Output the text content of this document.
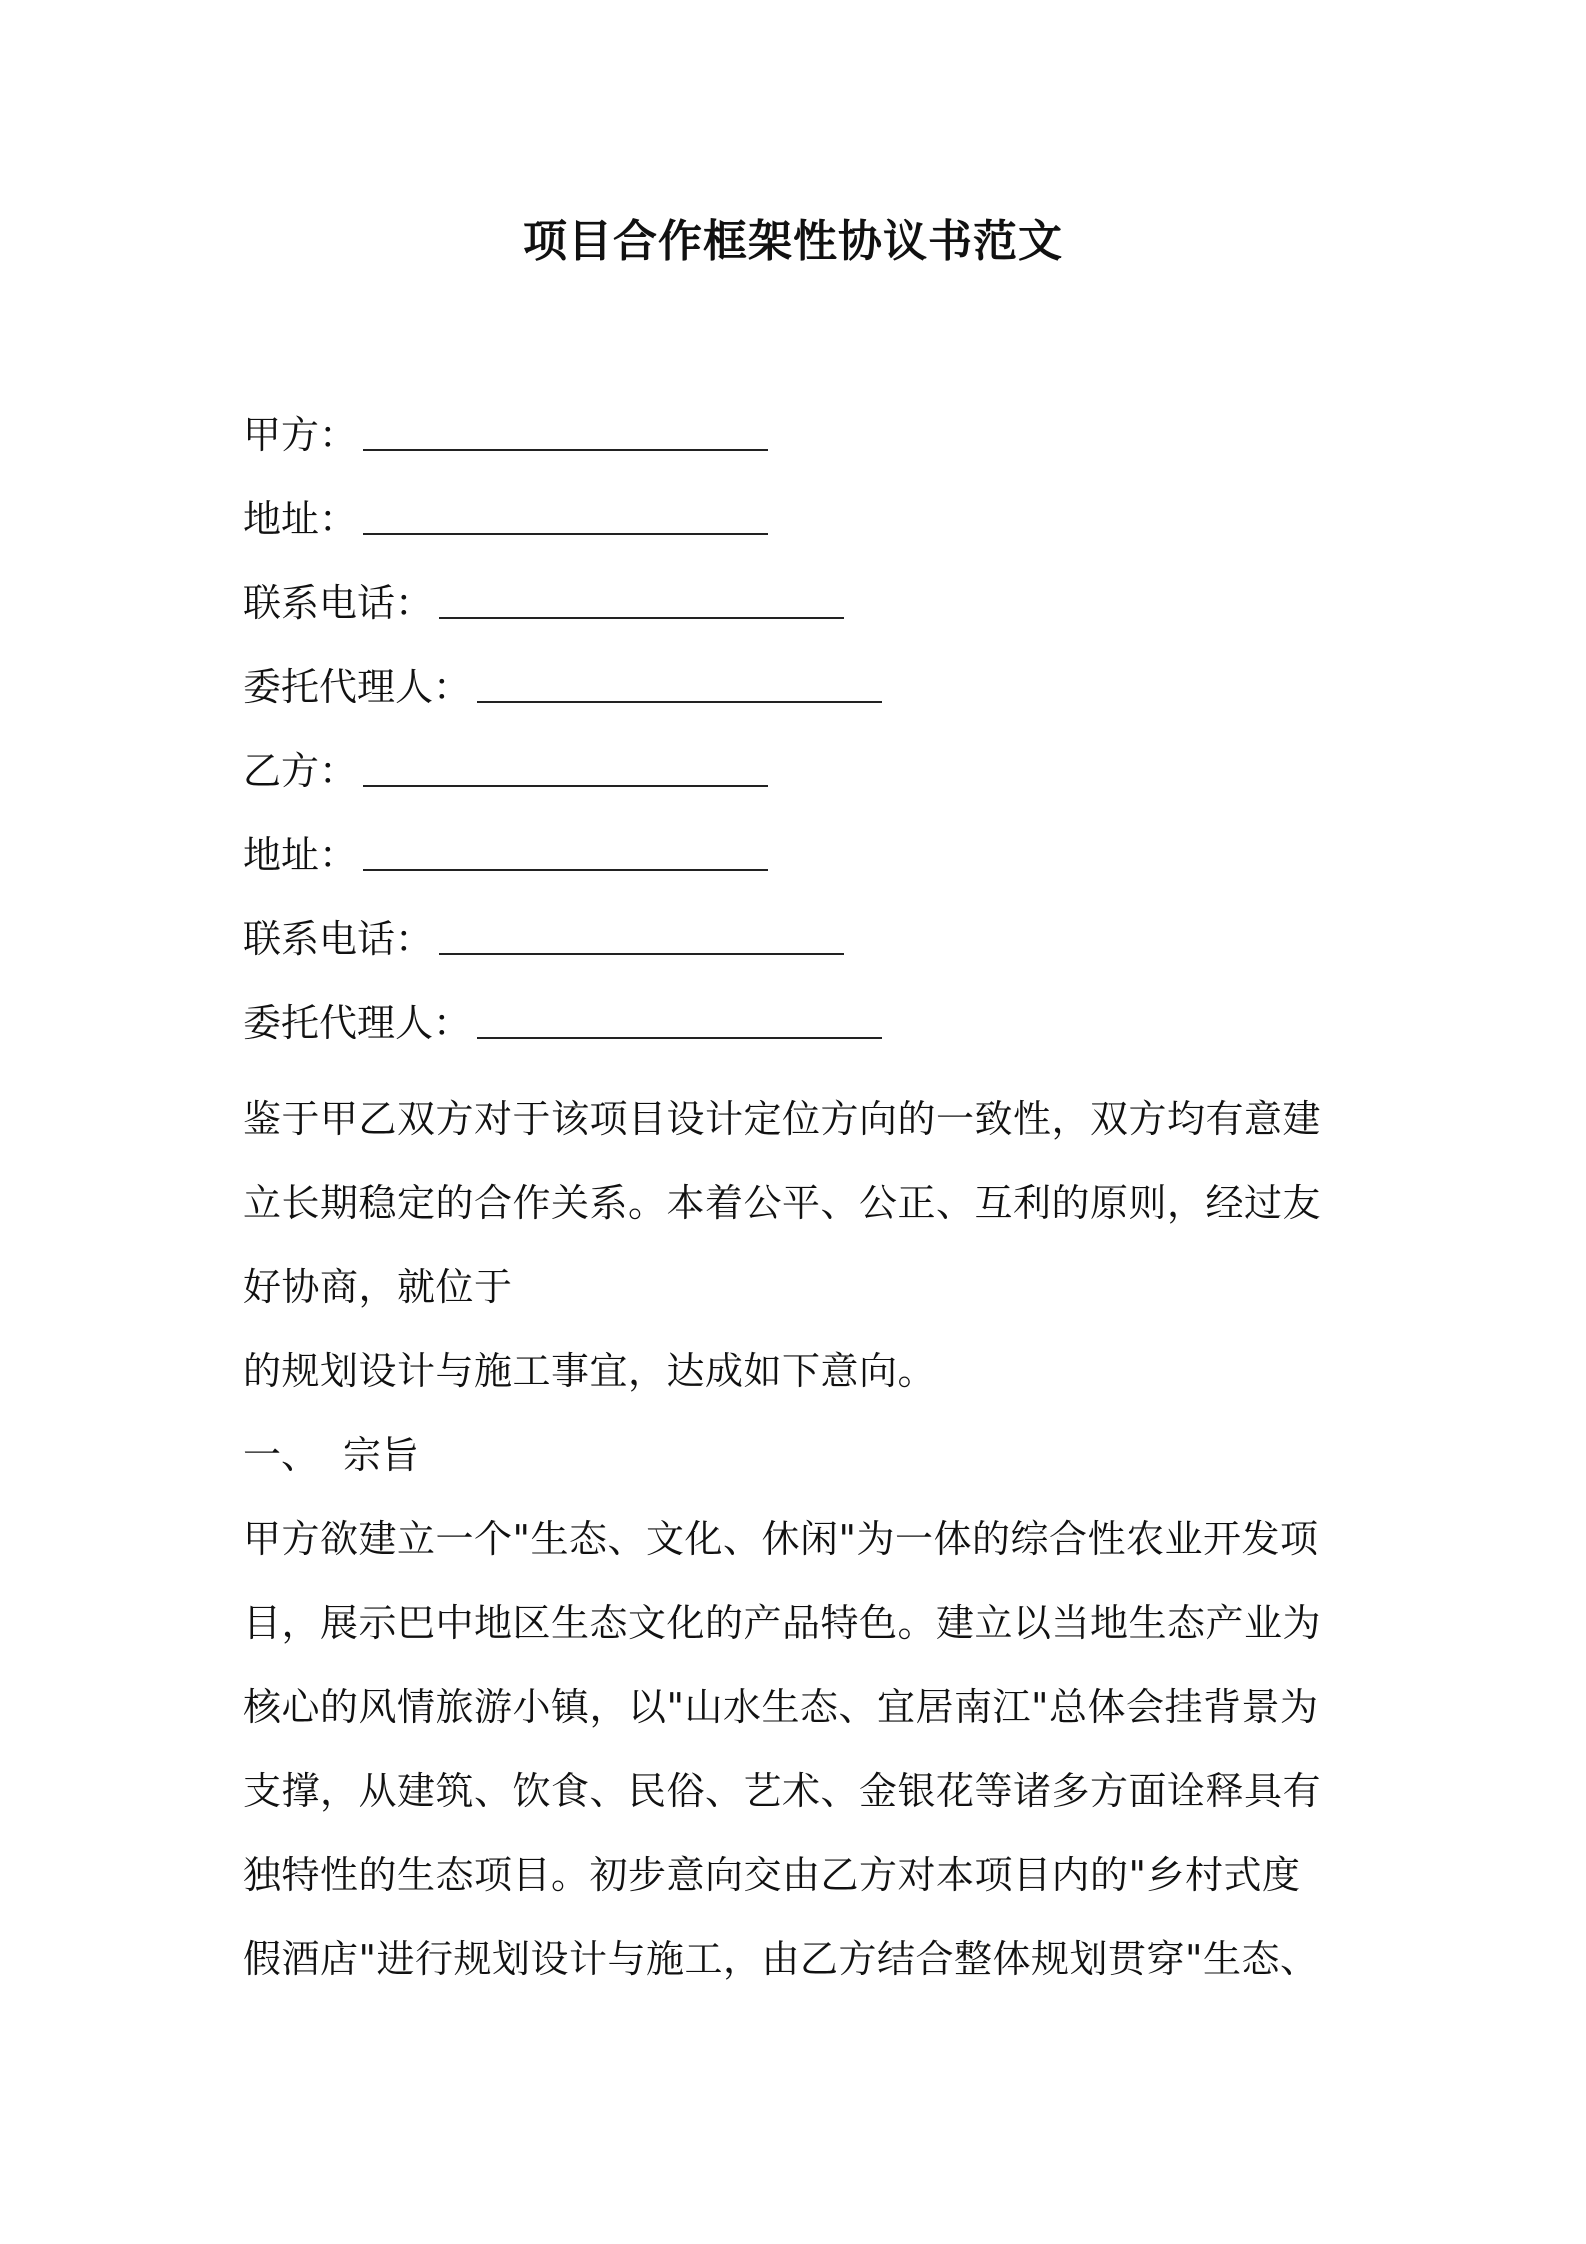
项目合作框架性协议书范文
甲方：
地址：
联系电话：
委托代理人：
乙方：
地址：
联系电话：
委托代理人：
鉴于甲乙双方对于该项目设计定位方向的一致性，双方均有意建
立长期稳定的合作关系。本着公平、公正、互利的原则，经过友
好协商，就位于
的规划设计与施工事宜，达成如下意向。
一、 宗旨
甲方欲建立一个"生态、文化、休闲"为一体的综合性农业开发项
目，展示巴中地区生态文化的产品特色。建立以当地生态产业为
核心的风情旅游小镇，以"山水生态、宜居南江"总体会挂背景为
支撑，从建筑、饮食、民俗、艺术、金银花等诸多方面诠释具有
独特性的生态项目。初步意向交由乙方对本项目内的"乡村式度
假酒店"进行规划设计与施工，由乙方结合整体规划贯穿"生态、
